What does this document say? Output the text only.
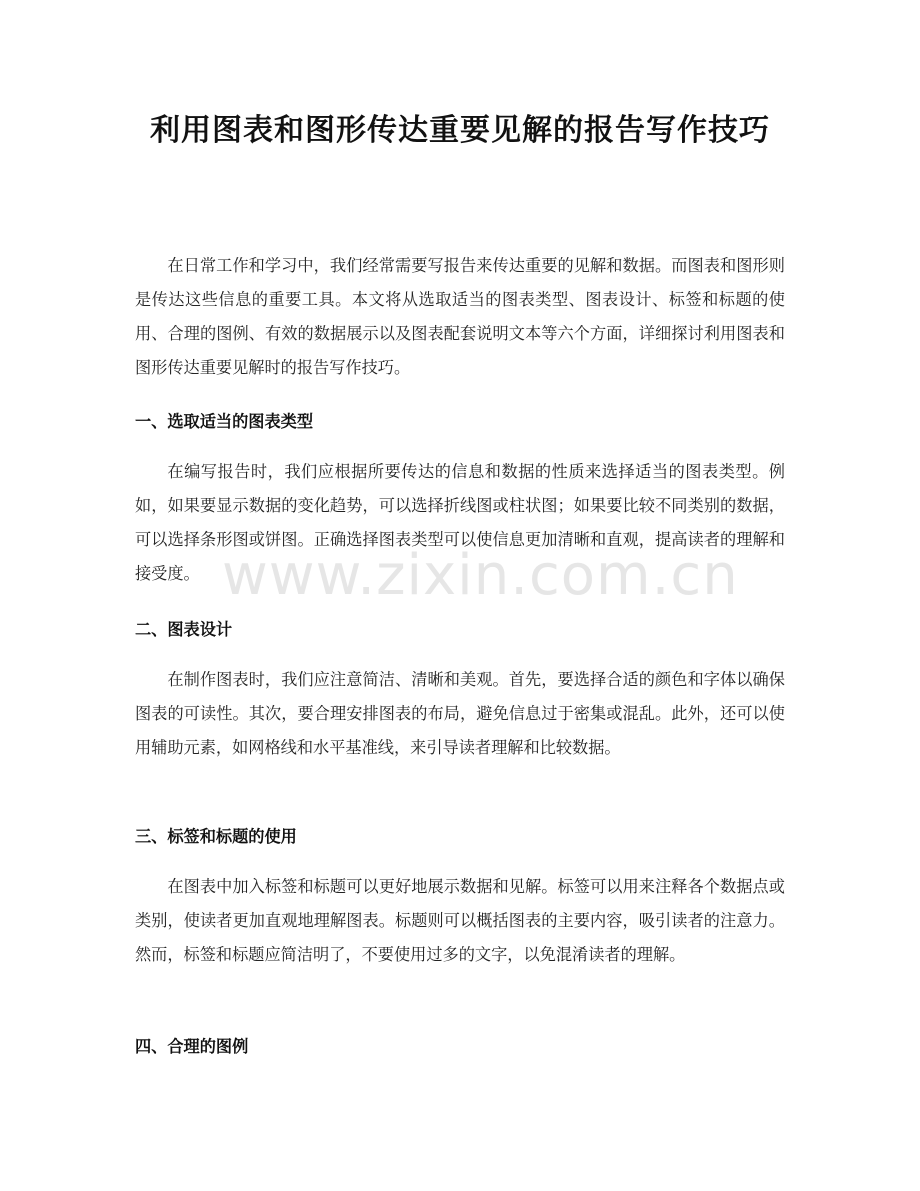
www.zixin.com.cn
利用图表和图形传达重要见解的报告写作技巧

在日常工作和学习中，我们经常需要写报告来传达重要的见解和数据。而图表和图形则是传达这些信息的重要工具。本文将从选取适当的图表类型、图表设计、标签和标题的使用、合理的图例、有效的数据展示以及图表配套说明文本等六个方面，详细探讨利用图表和图形传达重要见解时的报告写作技巧。

一、选取适当的图表类型

在编写报告时，我们应根据所要传达的信息和数据的性质来选择适当的图表类型。例如，如果要显示数据的变化趋势，可以选择折线图或柱状图；如果要比较不同类别的数据，可以选择条形图或饼图。正确选择图表类型可以使信息更加清晰和直观，提高读者的理解和接受度。

二、图表设计

在制作图表时，我们应注意简洁、清晰和美观。首先，要选择合适的颜色和字体以确保图表的可读性。其次，要合理安排图表的布局，避免信息过于密集或混乱。此外，还可以使用辅助元素，如网格线和水平基准线，来引导读者理解和比较数据。

三、标签和标题的使用

在图表中加入标签和标题可以更好地展示数据和见解。标签可以用来注释各个数据点或类别，使读者更加直观地理解图表。标题则可以概括图表的主要内容，吸引读者的注意力。然而，标签和标题应简洁明了，不要使用过多的文字，以免混淆读者的理解。

四、合理的图例
